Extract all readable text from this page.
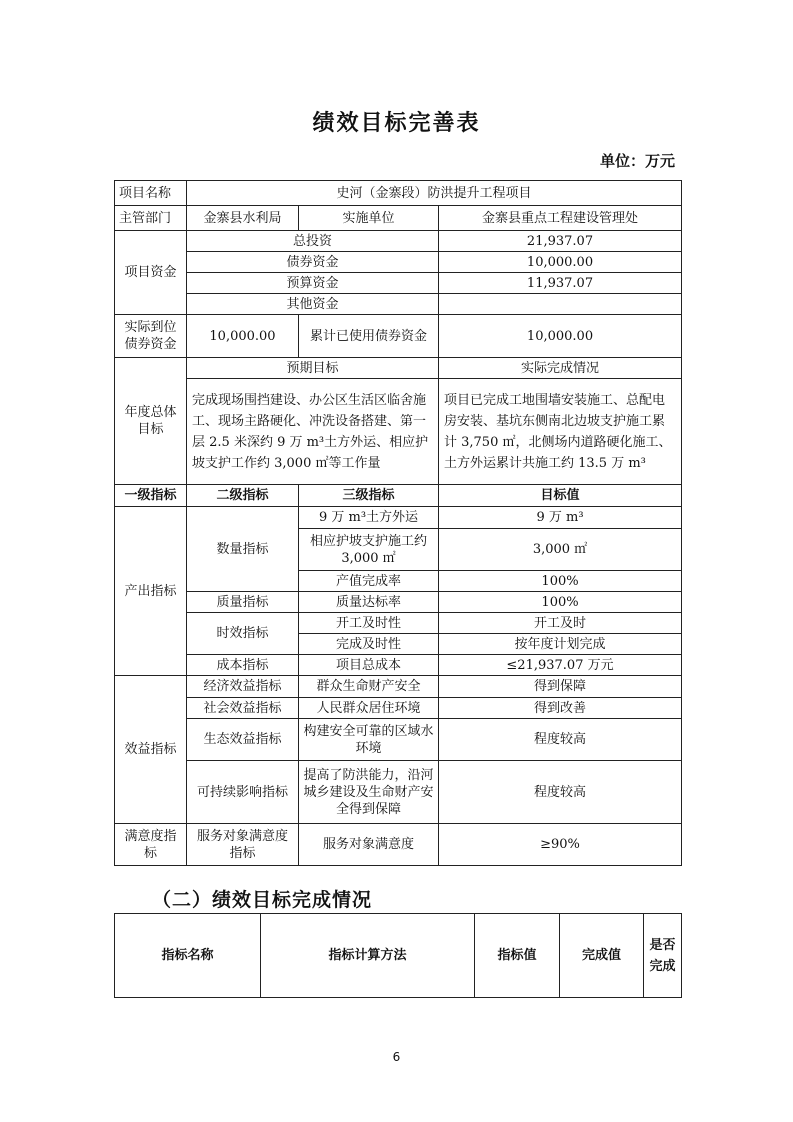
绩效目标完善表
单位：万元
项目名称	史河（金寨段）防洪提升工程项目		
主管部门	金寨县水利局	实施单位	金寨县重点工程建设管理处
项目资金	总投资		21,937.07
	债券资金		10,000.00
	预算资金		11,937.07
	其他资金		
实际到位债券资金	10,000.00	累计已使用债券资金	10,000.00
年度总体目标	预期目标		实际完成情况
	完成现场围挡建设、办公区生活区临舍施工、现场主路硬化、冲洗设备搭建、第一层 2.5 米深约 9 万 m³土方外运、相应护坡支护工作约 3,000 ㎡等工作量		项目已完成工地围墙安装施工、总配电房安装、基坑东侧南北边坡支护施工累计 3,750 ㎡，北侧场内道路硬化施工、土方外运累计共施工约 13.5 万 m³
一级指标	二级指标	三级指标	目标值
产出指标	数量指标	9 万 m³土方外运	9 万 m³
		相应护坡支护施工约 3,000 ㎡	3,000 ㎡
		产值完成率	100%
	质量指标	质量达标率	100%
	时效指标	开工及时性	开工及时
		完成及时性	按年度计划完成
	成本指标	项目总成本	≤21,937.07 万元
效益指标	经济效益指标	群众生命财产安全	得到保障
	社会效益指标	人民群众居住环境	得到改善
	生态效益指标	构建安全可靠的区域水环境	程度较高
	可持续影响指标	提高了防洪能力，沿河城乡建设及生命财产安全得到保障	程度较高
满意度指标	服务对象满意度指标	服务对象满意度	≥90%
（二）绩效目标完成情况
指标名称	指标计算方法	指标值	完成值	是否完成
6
